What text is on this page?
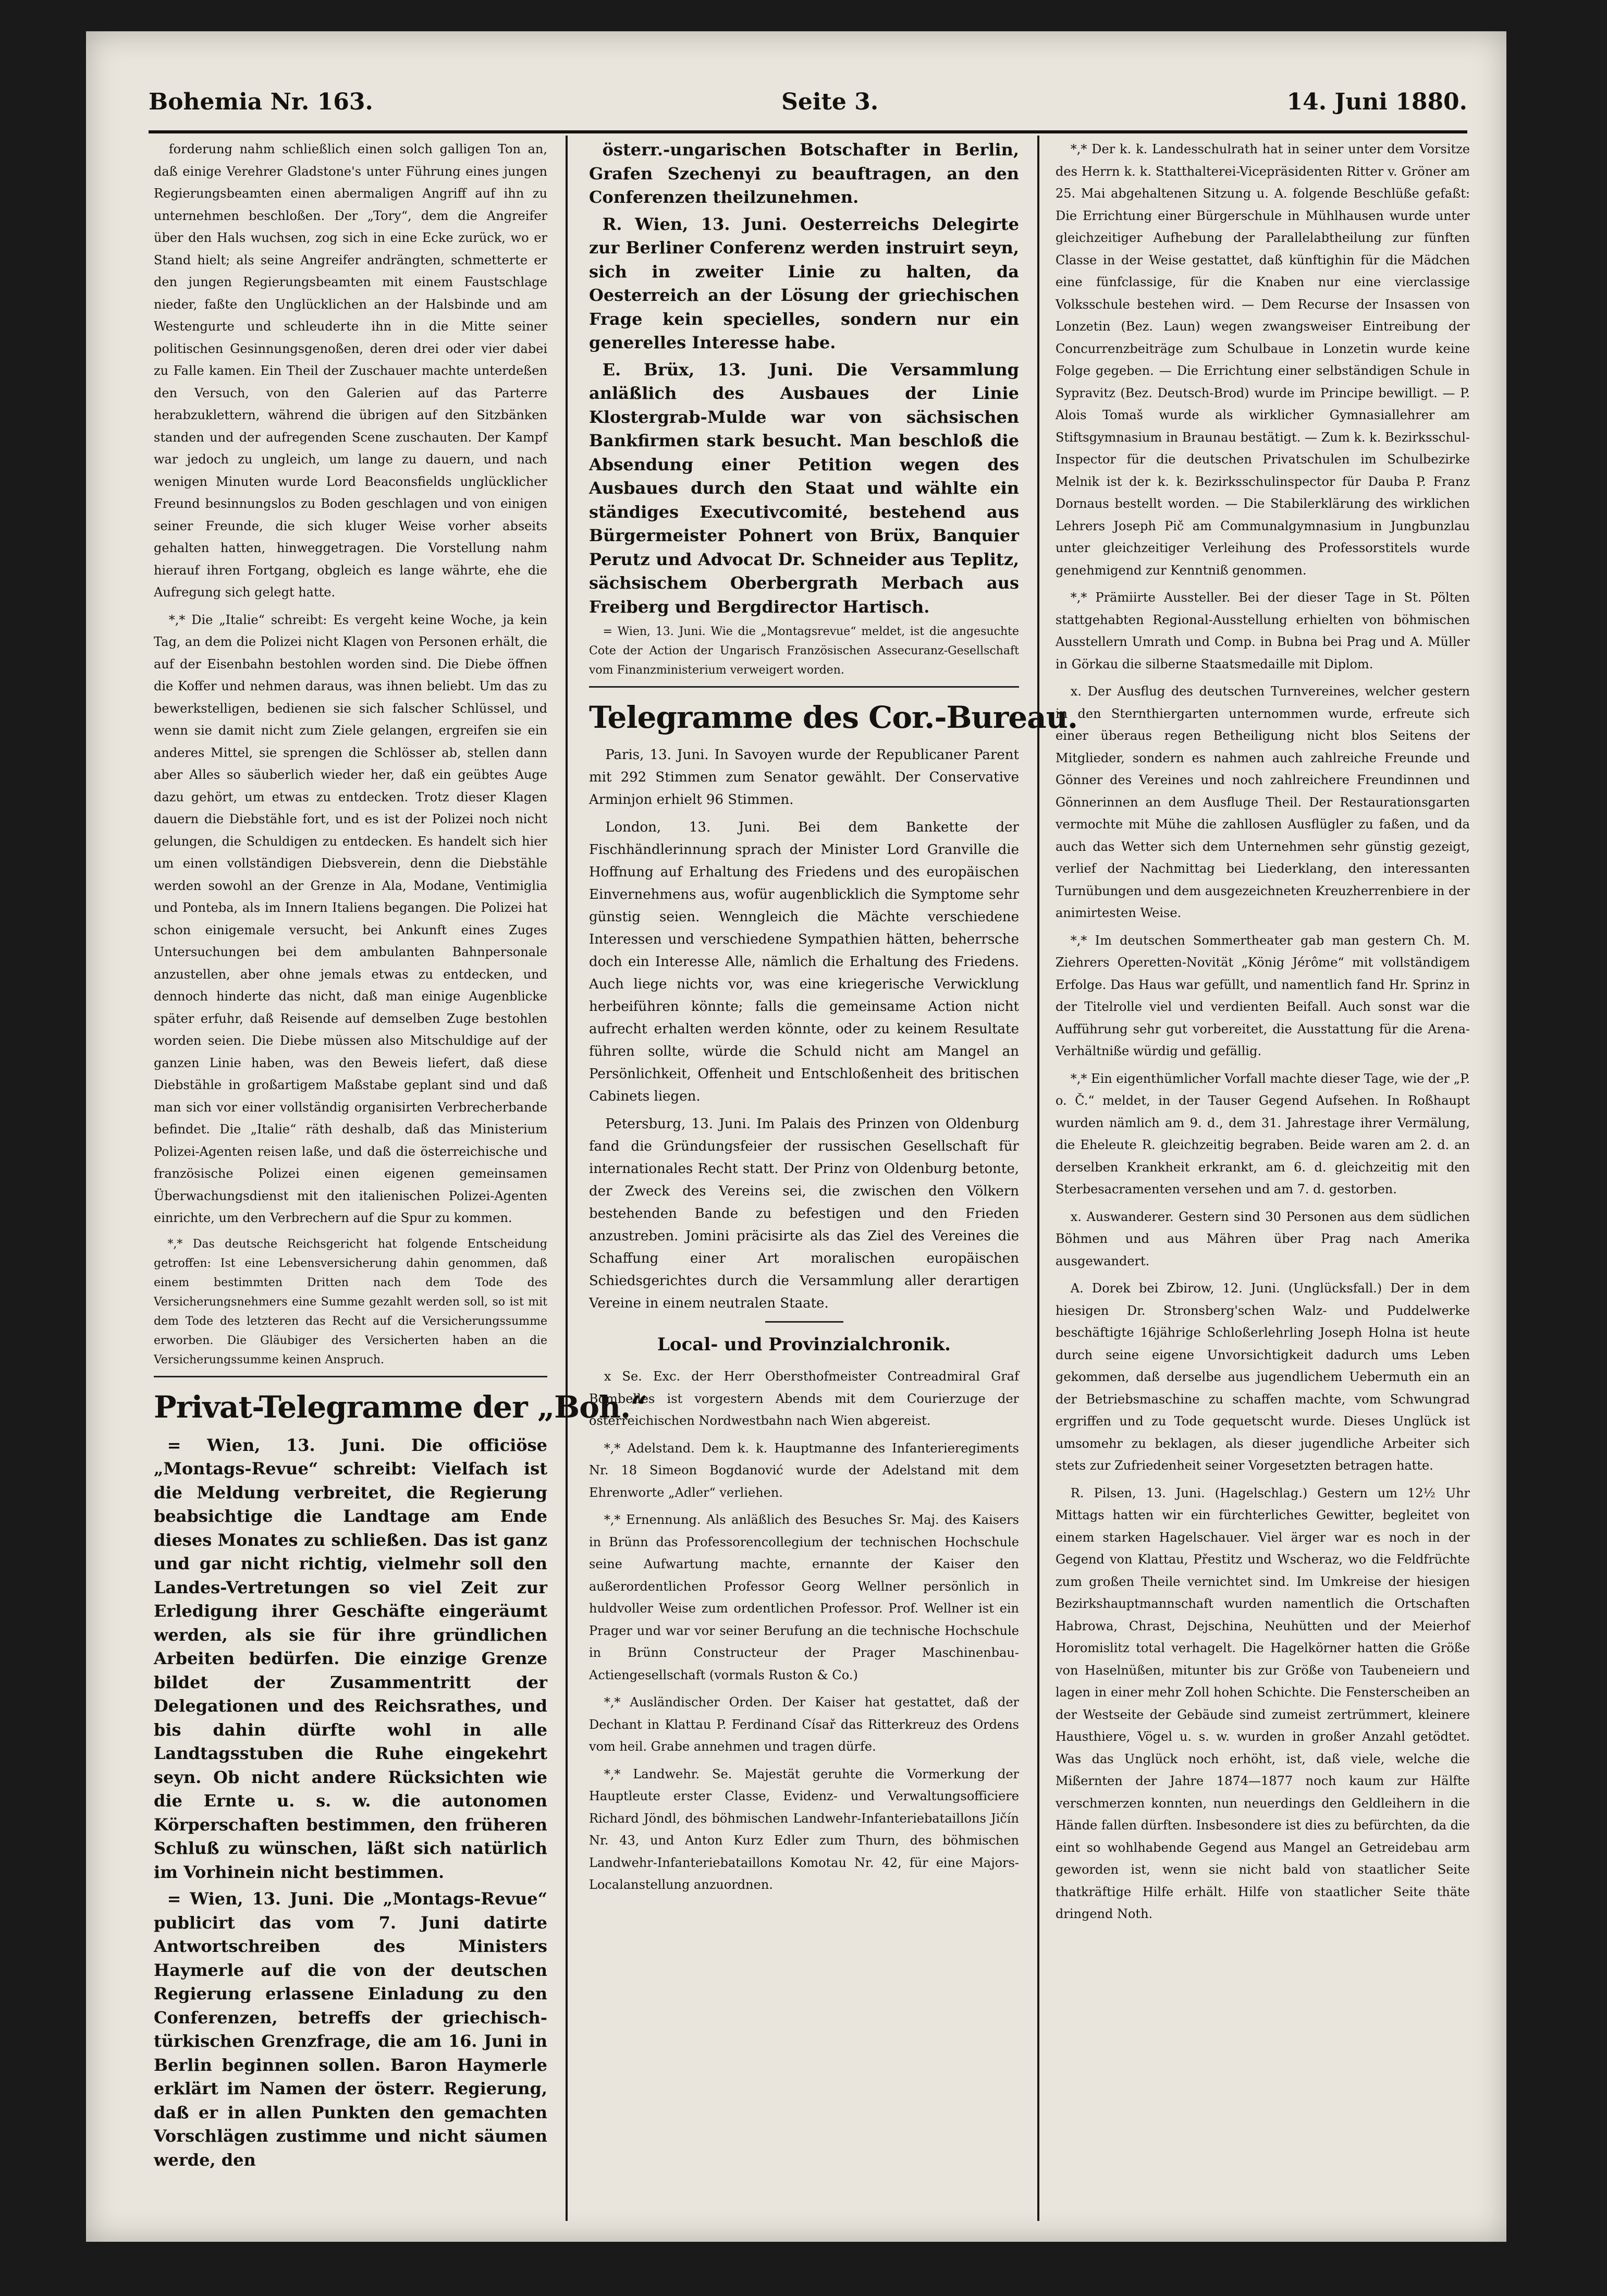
Bohemia Nr. 163.	Seite 3.	14. Juni 1880.

forderung nahm schließlich einen solch galligen Ton an, daß einige Verehrer Gladstone's unter Führung eines jungen Regierungsbeamten einen abermaligen Angriff auf ihn zu unternehmen beschloßen. Der „Tory“, dem die Angreifer über den Hals wuchsen, zog sich in eine Ecke zurück, wo er Stand hielt; als seine Angreifer andrängten, schmetterte er den jungen Regierungsbeamten mit einem Faustschlage nieder, faßte den Unglücklichen an der Halsbinde und am Westengurte und schleuderte ihn in die Mitte seiner politischen Gesinnungsgenoßen, deren drei oder vier dabei zu Falle kamen. Ein Theil der Zuschauer machte unterdeßen den Versuch, von den Galerien auf das Parterre herabzuklettern, während die übrigen auf den Sitzbänken standen und der aufregenden Scene zuschauten. Der Kampf war jedoch zu ungleich, um lange zu dauern, und nach wenigen Minuten wurde Lord Beaconsfields unglücklicher Freund besinnungslos zu Boden geschlagen und von einigen seiner Freunde, die sich kluger Weise vorher abseits gehalten hatten, hinweggetragen. Die Vorstellung nahm hierauf ihren Fortgang, obgleich es lange währte, ehe die Aufregung sich gelegt hatte.

*,* Die „Italie“ schreibt: Es vergeht keine Woche, ja kein Tag, an dem die Polizei nicht Klagen von Personen erhält, die auf der Eisenbahn bestohlen worden sind. Die Diebe öffnen die Koffer und nehmen daraus, was ihnen beliebt. Um das zu bewerkstelligen, bedienen sie sich falscher Schlüssel, und wenn sie damit nicht zum Ziele gelangen, ergreifen sie ein anderes Mittel, sie sprengen die Schlösser ab, stellen dann aber Alles so säuberlich wieder her, daß ein geübtes Auge dazu gehört, um etwas zu entdecken. Trotz dieser Klagen dauern die Diebstähle fort, und es ist der Polizei noch nicht gelungen, die Schuldigen zu entdecken. Es handelt sich hier um einen vollständigen Diebsverein, denn die Diebstähle werden sowohl an der Grenze in Ala, Modane, Ventimiglia und Ponteba, als im Innern Italiens begangen. Die Polizei hat schon einigemale versucht, bei Ankunft eines Zuges Untersuchungen bei dem ambulanten Bahnpersonale anzustellen, aber ohne jemals etwas zu entdecken, und dennoch hinderte das nicht, daß man einige Augenblicke später erfuhr, daß Reisende auf demselben Zuge bestohlen worden seien. Die Diebe müssen also Mitschuldige auf der ganzen Linie haben, was den Beweis liefert, daß diese Diebstähle in großartigem Maßstabe geplant sind und daß man sich vor einer vollständig organisirten Verbrecherbande befindet. Die „Italie“ räth deshalb, daß das Ministerium Polizei-Agenten reisen laße, und daß die österreichische und französische Polizei einen eigenen gemeinsamen Überwachungsdienst mit den italienischen Polizei-Agenten einrichte, um den Verbrechern auf die Spur zu kommen.

*,* Das deutsche Reichsgericht hat folgende Entscheidung getroffen: Ist eine Lebensversicherung dahin genommen, daß einem bestimmten Dritten nach dem Tode des Versicherungsnehmers eine Summe gezahlt werden soll, so ist mit dem Tode des letzteren das Recht auf die Versicherungssumme erworben. Die Gläubiger des Versicherten haben an die Versicherungssumme keinen Anspruch.

Privat-Telegramme der „Boh.“

= Wien, 13. Juni. Die officiöse „Montags-Revue“ schreibt: Vielfach ist die Meldung verbreitet, die Regierung beabsichtige die Landtage am Ende dieses Monates zu schließen. Das ist ganz und gar nicht richtig, vielmehr soll den Landes-Vertretungen so viel Zeit zur Erledigung ihrer Geschäfte eingeräumt werden, als sie für ihre gründlichen Arbeiten bedürfen. Die einzige Grenze bildet der Zusammentritt der Delegationen und des Reichsrathes, und bis dahin dürfte wohl in alle Landtagsstuben die Ruhe eingekehrt seyn. Ob nicht andere Rücksichten wie die Ernte u. s. w. die autonomen Körperschaften bestimmen, den früheren Schluß zu wünschen, läßt sich natürlich im Vorhinein nicht bestimmen.

= Wien, 13. Juni. Die „Montags-Revue“ publicirt das vom 7. Juni datirte Antwortschreiben des Ministers Haymerle auf die von der deutschen Regierung erlassene Einladung zu den Conferenzen, betreffs der griechisch-türkischen Grenzfrage, die am 16. Juni in Berlin beginnen sollen. Baron Haymerle erklärt im Namen der österr. Regierung, daß er in allen Punkten den gemachten Vorschlägen zustimme und nicht säumen werde, den

österr.-ungarischen Botschafter in Berlin, Grafen Szechenyi zu beauftragen, an den Conferenzen theilzunehmen.

R. Wien, 13. Juni. Oesterreichs Delegirte zur Berliner Conferenz werden instruirt seyn, sich in zweiter Linie zu halten, da Oesterreich an der Lösung der griechischen Frage kein specielles, sondern nur ein generelles Interesse habe.

E. Brüx, 13. Juni. Die Versammlung anläßlich des Ausbaues der Linie Klostergrab-Mulde war von sächsischen Bankfirmen stark besucht. Man beschloß die Absendung einer Petition wegen des Ausbaues durch den Staat und wählte ein ständiges Executivcomité, bestehend aus Bürgermeister Pohnert von Brüx, Banquier Perutz und Advocat Dr. Schneider aus Teplitz, sächsischem Oberbergrath Merbach aus Freiberg und Bergdirector Hartisch.

= Wien, 13. Juni. Wie die „Montagsrevue“ meldet, ist die angesuchte Cote der Action der Ungarisch Französischen Assecuranz-Gesellschaft vom Finanzministerium verweigert worden.

Telegramme des Cor.-Bureau.

Paris, 13. Juni. In Savoyen wurde der Republicaner Parent mit 292 Stimmen zum Senator gewählt. Der Conservative Arminjon erhielt 96 Stimmen.

London, 13. Juni. Bei dem Bankette der Fischhändlerinnung sprach der Minister Lord Granville die Hoffnung auf Erhaltung des Friedens und des europäischen Einvernehmens aus, wofür augenblicklich die Symptome sehr günstig seien. Wenngleich die Mächte verschiedene Interessen und verschiedene Sympathien hätten, beherrsche doch ein Interesse Alle, nämlich die Erhaltung des Friedens. Auch liege nichts vor, was eine kriegerische Verwicklung herbeiführen könnte; falls die gemeinsame Action nicht aufrecht erhalten werden könnte, oder zu keinem Resultate führen sollte, würde die Schuld nicht am Mangel an Persönlichkeit, Offenheit und Entschloßenheit des britischen Cabinets liegen.

Petersburg, 13. Juni. Im Palais des Prinzen von Oldenburg fand die Gründungsfeier der russischen Gesellschaft für internationales Recht statt. Der Prinz von Oldenburg betonte, der Zweck des Vereins sei, die zwischen den Völkern bestehenden Bande zu befestigen und den Frieden anzustreben. Jomini präcisirte als das Ziel des Vereines die Schaffung einer Art moralischen europäischen Schiedsgerichtes durch die Versammlung aller derartigen Vereine in einem neutralen Staate.

Local- und Provinzialchronik.

x Se. Exc. der Herr Obersthofmeister Contreadmiral Graf Bombelles ist vorgestern Abends mit dem Courierzuge der österreichischen Nordwestbahn nach Wien abgereist.

*,* Adelstand. Dem k. k. Hauptmanne des Infanterieregiments Nr. 18 Simeon Bogdanović wurde der Adelstand mit dem Ehrenworte „Adler“ verliehen.

*,* Ernennung. Als anläßlich des Besuches Sr. Maj. des Kaisers in Brünn das Professorencollegium der technischen Hochschule seine Aufwartung machte, ernannte der Kaiser den außerordentlichen Professor Georg Wellner persönlich in huldvoller Weise zum ordentlichen Professor. Prof. Wellner ist ein Prager und war vor seiner Berufung an die technische Hochschule in Brünn Constructeur der Prager Maschinenbau-Actiengesellschaft (vormals Ruston & Co.)

*,* Ausländischer Orden. Der Kaiser hat gestattet, daß der Dechant in Klattau P. Ferdinand Císař das Ritterkreuz des Ordens vom heil. Grabe annehmen und tragen dürfe.

*,* Landwehr. Se. Majestät geruhte die Vormerkung der Hauptleute erster Classe, Evidenz- und Verwaltungsofficiere Richard Jöndl, des böhmischen Landwehr-Infanteriebataillons Jičín Nr. 43, und Anton Kurz Edler zum Thurn, des böhmischen Landwehr-Infanteriebataillons Komotau Nr. 42, für eine Majors-Localanstellung anzuordnen.

*,* Der k. k. Landesschulrath hat in seiner unter dem Vorsitze des Herrn k. k. Statthalterei-Vicepräsidenten Ritter v. Gröner am 25. Mai abgehaltenen Sitzung u. A. folgende Beschlüße gefaßt: Die Errichtung einer Bürgerschule in Mühlhausen wurde unter gleichzeitiger Aufhebung der Parallelabtheilung zur fünften Classe in der Weise gestattet, daß künftighin für die Mädchen eine fünfclassige, für die Knaben nur eine vierclassige Volksschule bestehen wird. — Dem Recurse der Insassen von Lonzetin (Bez. Laun) wegen zwangsweiser Eintreibung der Concurrenzbeiträge zum Schulbaue in Lonzetin wurde keine Folge gegeben. — Die Errichtung einer selbständigen Schule in Sypravitz (Bez. Deutsch-Brod) wurde im Principe bewilligt. — P. Alois Tomaš wurde als wirklicher Gymnasiallehrer am Stiftsgymnasium in Braunau bestätigt. — Zum k. k. Bezirksschul-Inspector für die deutschen Privatschulen im Schulbezirke Melnik ist der k. k. Bezirksschulinspector für Dauba P. Franz Dornaus bestellt worden. — Die Stabilerklärung des wirklichen Lehrers Joseph Pič am Communalgymnasium in Jungbunzlau unter gleichzeitiger Verleihung des Professorstitels wurde genehmigend zur Kenntniß genommen.

*,* Prämiirte Aussteller. Bei der dieser Tage in St. Pölten stattgehabten Regional-Ausstellung erhielten von böhmischen Ausstellern Umrath und Comp. in Bubna bei Prag und A. Müller in Görkau die silberne Staatsmedaille mit Diplom.

x. Der Ausflug des deutschen Turnvereines, welcher gestern in den Sternthiergarten unternommen wurde, erfreute sich einer überaus regen Betheiligung nicht blos Seitens der Mitglieder, sondern es nahmen auch zahlreiche Freunde und Gönner des Vereines und noch zahlreichere Freundinnen und Gönnerinnen an dem Ausfluge Theil. Der Restaurationsgarten vermochte mit Mühe die zahllosen Ausflügler zu faßen, und da auch das Wetter sich dem Unternehmen sehr günstig gezeigt, verlief der Nachmittag bei Liederklang, den interessanten Turnübungen und dem ausgezeichneten Kreuzherrenbiere in der animirtesten Weise.

*,* Im deutschen Sommertheater gab man gestern Ch. M. Ziehrers Operetten-Novität „König Jérôme“ mit vollständigem Erfolge. Das Haus war gefüllt, und namentlich fand Hr. Sprinz in der Titelrolle viel und verdienten Beifall. Auch sonst war die Aufführung sehr gut vorbereitet, die Ausstattung für die Arena-Verhältniße würdig und gefällig.

*,* Ein eigenthümlicher Vorfall machte dieser Tage, wie der „P. o. Č.“ meldet, in der Tauser Gegend Aufsehen. In Roßhaupt wurden nämlich am 9. d., dem 31. Jahrestage ihrer Vermälung, die Eheleute R. gleichzeitig begraben. Beide waren am 2. d. an derselben Krankheit erkrankt, am 6. d. gleichzeitig mit den Sterbesacramenten versehen und am 7. d. gestorben.

x. Auswanderer. Gestern sind 30 Personen aus dem südlichen Böhmen und aus Mähren über Prag nach Amerika ausgewandert.

A. Dorek bei Zbirow, 12. Juni. (Unglücksfall.) Der in dem hiesigen Dr. Stronsberg'schen Walz- und Puddelwerke beschäftigte 16jährige Schloßerlehrling Joseph Holna ist heute durch seine eigene Unvorsichtigkeit dadurch ums Leben gekommen, daß derselbe aus jugendlichem Uebermuth ein an der Betriebsmaschine zu schaffen machte, vom Schwungrad ergriffen und zu Tode gequetscht wurde. Dieses Unglück ist umsomehr zu beklagen, als dieser jugendliche Arbeiter sich stets zur Zufriedenheit seiner Vorgesetzten betragen hatte.

R. Pilsen, 13. Juni. (Hagelschlag.) Gestern um 12½ Uhr Mittags hatten wir ein fürchterliches Gewitter, begleitet von einem starken Hagelschauer. Viel ärger war es noch in der Gegend von Klattau, Přestitz und Wscheraz, wo die Feldfrüchte zum großen Theile vernichtet sind. Im Umkreise der hiesigen Bezirkshauptmannschaft wurden namentlich die Ortschaften Habrowa, Chrast, Dejschina, Neuhütten und der Meierhof Horomislitz total verhagelt. Die Hagelkörner hatten die Größe von Haselnüßen, mitunter bis zur Größe von Taubeneiern und lagen in einer mehr Zoll hohen Schichte. Die Fensterscheiben an der Westseite der Gebäude sind zumeist zertrümmert, kleinere Hausthiere, Vögel u. s. w. wurden in großer Anzahl getödtet. Was das Unglück noch erhöht, ist, daß viele, welche die Mißernten der Jahre 1874—1877 noch kaum zur Hälfte verschmerzen konnten, nun neuerdings den Geldleihern in die Hände fallen dürften. Insbesondere ist dies zu befürchten, da die eint so wohlhabende Gegend aus Mangel an Getreidebau arm geworden ist, wenn sie nicht bald von staatlicher Seite thatkräftige Hilfe erhält. Hilfe von staatlicher Seite thäte dringend Noth.
